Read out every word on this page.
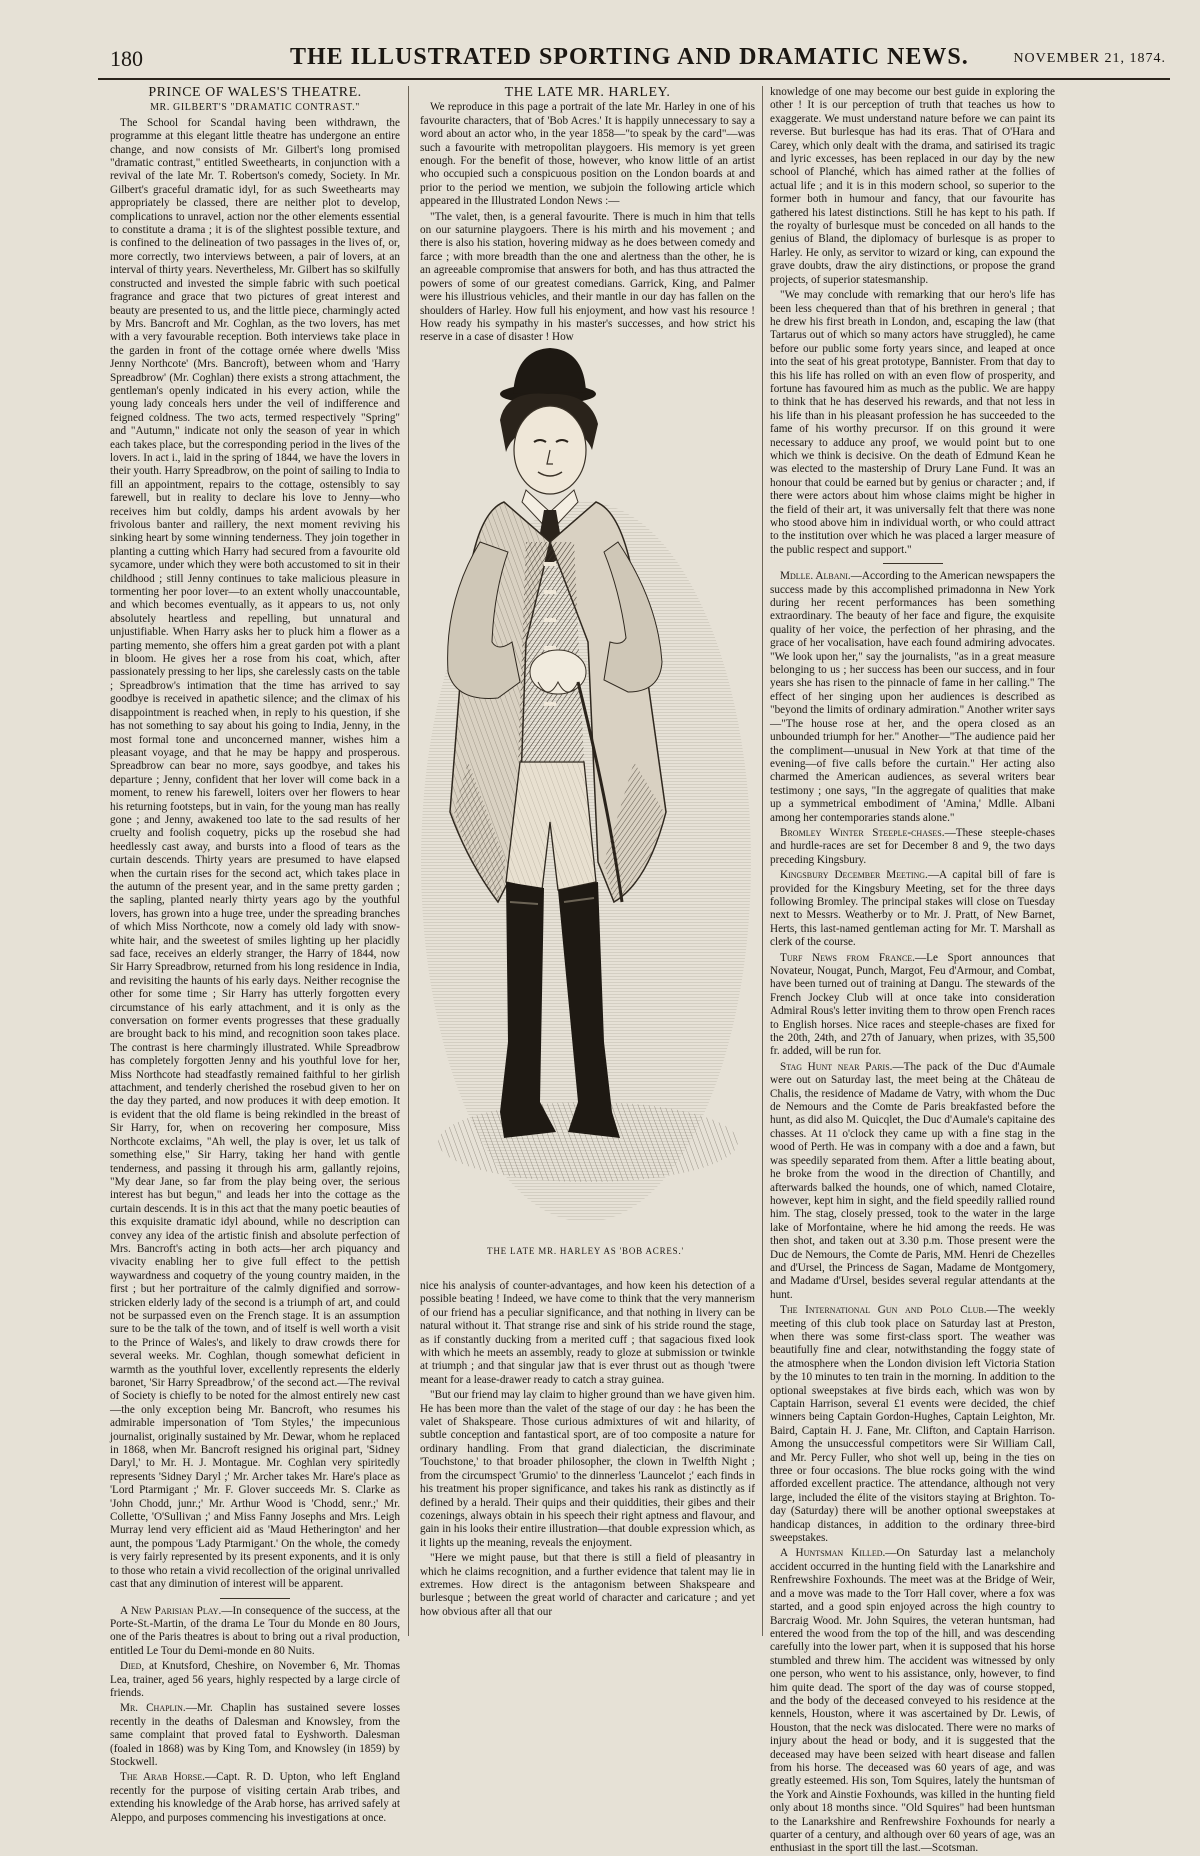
180	THE ILLUSTRATED SPORTING AND DRAMATIC NEWS.	NOVEMBER 21, 1874.

PRINCE OF WALES'S THEATRE.

MR. GILBERT'S "DRAMATIC CONTRAST."

The School for Scandal having been withdrawn, the programme at this elegant little theatre has undergone an entire change, and now consists of Mr. Gilbert's long promised "dramatic contrast," entitled Sweethearts, in conjunction with a revival of the late Mr. T. Robertson's comedy, Society. In Mr. Gilbert's graceful dramatic idyl, for as such Sweethearts may appropriately be classed, there are neither plot to develop, complications to unravel, action nor the other elements essential to constitute a drama ; it is of the slightest possible texture, and is confined to the delineation of two passages in the lives of, or, more correctly, two interviews between, a pair of lovers, at an interval of thirty years. Nevertheless, Mr. Gilbert has so skilfully constructed and invested the simple fabric with such poetical fragrance and grace that two pictures of great interest and beauty are presented to us, and the little piece, charmingly acted by Mrs. Bancroft and Mr. Coghlan, as the two lovers, has met with a very favourable reception. Both interviews take place in the garden in front of the cottage ornée where dwells 'Miss Jenny Northcote' (Mrs. Bancroft), between whom and 'Harry Spreadbrow' (Mr. Coghlan) there exists a strong attachment, the gentleman's openly indicated in his every action, while the young lady conceals hers under the veil of indifference and feigned coldness. The two acts, termed respectively "Spring" and "Autumn," indicate not only the season of year in which each takes place, but the corresponding period in the lives of the lovers. In act i., laid in the spring of 1844, we have the lovers in their youth. Harry Spreadbrow, on the point of sailing to India to fill an appointment, repairs to the cottage, ostensibly to say farewell, but in reality to declare his love to Jenny—who receives him but coldly, damps his ardent avowals by her frivolous banter and raillery, the next moment reviving his sinking heart by some winning tenderness. They join together in planting a cutting which Harry had secured from a favourite old sycamore, under which they were both accustomed to sit in their childhood ; still Jenny continues to take malicious pleasure in tormenting her poor lover—to an extent wholly unaccountable, and which becomes eventually, as it appears to us, not only absolutely heartless and repelling, but unnatural and unjustifiable. When Harry asks her to pluck him a flower as a parting memento, she offers him a great garden pot with a plant in bloom. He gives her a rose from his coat, which, after passionately pressing to her lips, she carelessly casts on the table ; Spreadbrow's intimation that the time has arrived to say goodbye is received in apathetic silence; and the climax of his disappointment is reached when, in reply to his question, if she has not something to say about his going to India, Jenny, in the most formal tone and unconcerned manner, wishes him a pleasant voyage, and that he may be happy and prosperous. Spreadbrow can bear no more, says goodbye, and takes his departure ; Jenny, confident that her lover will come back in a moment, to renew his farewell, loiters over her flowers to hear his returning footsteps, but in vain, for the young man has really gone ; and Jenny, awakened too late to the sad results of her cruelty and foolish coquetry, picks up the rosebud she had heedlessly cast away, and bursts into a flood of tears as the curtain descends. Thirty years are presumed to have elapsed when the curtain rises for the second act, which takes place in the autumn of the present year, and in the same pretty garden ; the sapling, planted nearly thirty years ago by the youthful lovers, has grown into a huge tree, under the spreading branches of which Miss Northcote, now a comely old lady with snow-white hair, and the sweetest of smiles lighting up her placidly sad face, receives an elderly stranger, the Harry of 1844, now Sir Harry Spreadbrow, returned from his long residence in India, and revisiting the haunts of his early days. Neither recognise the other for some time ; Sir Harry has utterly forgotten every circumstance of his early attachment, and it is only as the conversation on former events progresses that these gradually are brought back to his mind, and recognition soon takes place. The contrast is here charmingly illustrated. While Spreadbrow has completely forgotten Jenny and his youthful love for her, Miss Northcote had steadfastly remained faithful to her girlish attachment, and tenderly cherished the rosebud given to her on the day they parted, and now produces it with deep emotion. It is evident that the old flame is being rekindled in the breast of Sir Harry, for, when on recovering her composure, Miss Northcote exclaims, "Ah well, the play is over, let us talk of something else," Sir Harry, taking her hand with gentle tenderness, and passing it through his arm, gallantly rejoins, "My dear Jane, so far from the play being over, the serious interest has but begun," and leads her into the cottage as the curtain descends. It is in this act that the many poetic beauties of this exquisite dramatic idyl abound, while no description can convey any idea of the artistic finish and absolute perfection of Mrs. Bancroft's acting in both acts—her arch piquancy and vivacity enabling her to give full effect to the pettish waywardness and coquetry of the young country maiden, in the first ; but her portraiture of the calmly dignified and sorrow-stricken elderly lady of the second is a triumph of art, and could not be surpassed even on the French stage. It is an assumption sure to be the talk of the town, and of itself is well worth a visit to the Prince of Wales's, and likely to draw crowds there for several weeks. Mr. Coghlan, though somewhat deficient in warmth as the youthful lover, excellently represents the elderly baronet, 'Sir Harry Spreadbrow,' of the second act.—The revival of Society is chiefly to be noted for the almost entirely new cast—the only exception being Mr. Bancroft, who resumes his admirable impersonation of 'Tom Styles,' the impecunious journalist, originally sustained by Mr. Dewar, whom he replaced in 1868, when Mr. Bancroft resigned his original part, 'Sidney Daryl,' to Mr. H. J. Montague. Mr. Coghlan very spiritedly represents 'Sidney Daryl ;' Mr. Archer takes Mr. Hare's place as 'Lord Ptarmigant ;' Mr. F. Glover succeeds Mr. S. Clarke as 'John Chodd, junr.;' Mr. Arthur Wood is 'Chodd, senr.;' Mr. Collette, 'O'Sullivan ;' and Miss Fanny Josephs and Mrs. Leigh Murray lend very efficient aid as 'Maud Hetherington' and her aunt, the pompous 'Lady Ptarmigant.' On the whole, the comedy is very fairly represented by its present exponents, and it is only to those who retain a vivid recollection of the original unrivalled cast that any diminution of interest will be apparent.

A New Parisian Play.—In consequence of the success, at the Porte-St.-Martin, of the drama Le Tour du Monde en 80 Jours, one of the Paris theatres is about to bring out a rival production, entitled Le Tour du Demi-monde en 80 Nuits.

Died, at Knutsford, Cheshire, on November 6, Mr. Thomas Lea, trainer, aged 56 years, highly respected by a large circle of friends.

Mr. Chaplin.—Mr. Chaplin has sustained severe losses recently in the deaths of Dalesman and Knowsley, from the same complaint that proved fatal to Eyshworth. Dalesman (foaled in 1868) was by King Tom, and Knowsley (in 1859) by Stockwell.

The Arab Horse.—Capt. R. D. Upton, who left England recently for the purpose of visiting certain Arab tribes, and extending his knowledge of the Arab horse, has arrived safely at Aleppo, and purposes commencing his investigations at once.

THE LATE MR. HARLEY.

We reproduce in this page a portrait of the late Mr. Harley in one of his favourite characters, that of 'Bob Acres.' It is happily unnecessary to say a word about an actor who, in the year 1858—"to speak by the card"—was such a favourite with metropolitan playgoers. His memory is yet green enough. For the benefit of those, however, who know little of an artist who occupied such a conspicuous position on the London boards at and prior to the period we mention, we subjoin the following article which appeared in the Illustrated London News :—

"The valet, then, is a general favourite. There is much in him that tells on our saturnine playgoers. There is his mirth and his movement ; and there is also his station, hovering midway as he does between comedy and farce ; with more breadth than the one and alertness than the other, he is an agreeable compromise that answers for both, and has thus attracted the powers of some of our greatest comedians. Garrick, King, and Palmer were his illustrious vehicles, and their mantle in our day has fallen on the shoulders of Harley. How full his enjoyment, and how vast his resource ! How ready his sympathy in his master's successes, and how strict his reserve in a case of disaster ! How

THE LATE MR. HARLEY AS 'BOB ACRES.'

nice his analysis of counter-advantages, and how keen his detection of a possible beating ! Indeed, we have come to think that the very mannerism of our friend has a peculiar significance, and that nothing in livery can be natural without it. That strange rise and sink of his stride round the stage, as if constantly ducking from a merited cuff ; that sagacious fixed look with which he meets an assembly, ready to gloze at submission or twinkle at triumph ; and that singular jaw that is ever thrust out as though 'twere meant for a lease-drawer ready to catch a stray guinea.

"But our friend may lay claim to higher ground than we have given him. He has been more than the valet of the stage of our day : he has been the valet of Shakspeare. Those curious admixtures of wit and hilarity, of subtle conception and fantastical sport, are of too composite a nature for ordinary handling. From that grand dialectician, the discriminate 'Touchstone,' to that broader philosopher, the clown in Twelfth Night ; from the circumspect 'Grumio' to the dinnerless 'Launcelot ;' each finds in his treatment his proper significance, and takes his rank as distinctly as if defined by a herald. Their quips and their quiddities, their gibes and their cozenings, always obtain in his speech their right aptness and flavour, and gain in his looks their entire illustration—that double expression which, as it lights up the meaning, reveals the enjoyment.

"Here we might pause, but that there is still a field of pleasantry in which he claims recognition, and a further evidence that talent may lie in extremes. How direct is the antagonism between Shakspeare and burlesque ; between the great world of character and caricature ; and yet how obvious after all that our

knowledge of one may become our best guide in exploring the other ! It is our perception of truth that teaches us how to exaggerate. We must understand nature before we can paint its reverse. But burlesque has had its eras. That of O'Hara and Carey, which only dealt with the drama, and satirised its tragic and lyric excesses, has been replaced in our day by the new school of Planché, which has aimed rather at the follies of actual life ; and it is in this modern school, so superior to the former both in humour and fancy, that our favourite has gathered his latest distinctions. Still he has kept to his path. If the royalty of burlesque must be conceded on all hands to the genius of Bland, the diplomacy of burlesque is as proper to Harley. He only, as servitor to wizard or king, can expound the grave doubts, draw the airy distinctions, or propose the grand projects, of superior statesmanship.

"We may conclude with remarking that our hero's life has been less chequered than that of his brethren in general ; that he drew his first breath in London, and, escaping the law (that Tartarus out of which so many actors have struggled), he came before our public some forty years since, and leaped at once into the seat of his great prototype, Bannister. From that day to this his life has rolled on with an even flow of prosperity, and fortune has favoured him as much as the public. We are happy to think that he has deserved his rewards, and that not less in his life than in his pleasant profession he has succeeded to the fame of his worthy precursor. If on this ground it were necessary to adduce any proof, we would point but to one which we think is decisive. On the death of Edmund Kean he was elected to the mastership of Drury Lane Fund. It was an honour that could be earned but by genius or character ; and, if there were actors about him whose claims might be higher in the field of their art, it was universally felt that there was none who stood above him in individual worth, or who could attract to the institution over which he was placed a larger measure of the public respect and support."

Mdlle. Albani.—According to the American newspapers the success made by this accomplished primadonna in New York during her recent performances has been something extraordinary. The beauty of her face and figure, the exquisite quality of her voice, the perfection of her phrasing, and the grace of her vocalisation, have each found admiring advocates. "We look upon her," say the journalists, "as in a great measure belonging to us ; her success has been our success, and in four years she has risen to the pinnacle of fame in her calling." The effect of her singing upon her audiences is described as "beyond the limits of ordinary admiration." Another writer says—"The house rose at her, and the opera closed as an unbounded triumph for her." Another—"The audience paid her the compliment—unusual in New York at that time of the evening—of five calls before the curtain." Her acting also charmed the American audiences, as several writers bear testimony ; one says, "In the aggregate of qualities that make up a symmetrical embodiment of 'Amina,' Mdlle. Albani among her contemporaries stands alone."

Bromley Winter Steeple-chases.—These steeple-chases and hurdle-races are set for December 8 and 9, the two days preceding Kingsbury.

Kingsbury December Meeting.—A capital bill of fare is provided for the Kingsbury Meeting, set for the three days following Bromley. The principal stakes will close on Tuesday next to Messrs. Weatherby or to Mr. J. Pratt, of New Barnet, Herts, this last-named gentleman acting for Mr. T. Marshall as clerk of the course.

Turf News from France.—Le Sport announces that Novateur, Nougat, Punch, Margot, Feu d'Armour, and Combat, have been turned out of training at Dangu. The stewards of the French Jockey Club will at once take into consideration Admiral Rous's letter inviting them to throw open French races to English horses. Nice races and steeple-chases are fixed for the 20th, 24th, and 27th of January, when prizes, with 35,500 fr. added, will be run for.

Stag Hunt near Paris.—The pack of the Duc d'Aumale were out on Saturday last, the meet being at the Château de Chalis, the residence of Madame de Vatry, with whom the Duc de Nemours and the Comte de Paris breakfasted before the hunt, as did also M. Quicqlet, the Duc d'Aumale's capitaine des chasses. At 11 o'clock they came up with a fine stag in the wood of Perth. He was in company with a doe and a fawn, but was speedily separated from them. After a little beating about, he broke from the wood in the direction of Chantilly, and afterwards balked the hounds, one of which, named Clotaire, however, kept him in sight, and the field speedily rallied round him. The stag, closely pressed, took to the water in the large lake of Morfontaine, where he hid among the reeds. He was then shot, and taken out at 3.30 p.m. Those present were the Duc de Nemours, the Comte de Paris, MM. Henri de Chezelles and d'Ursel, the Princess de Sagan, Madame de Montgomery, and Madame d'Ursel, besides several regular attendants at the hunt.

The International Gun and Polo Club.—The weekly meeting of this club took place on Saturday last at Preston, when there was some first-class sport. The weather was beautifully fine and clear, notwithstanding the foggy state of the atmosphere when the London division left Victoria Station by the 10 minutes to ten train in the morning. In addition to the optional sweepstakes at five birds each, which was won by Captain Harrison, several £1 events were decided, the chief winners being Captain Gordon-Hughes, Captain Leighton, Mr. Baird, Captain H. J. Fane, Mr. Clifton, and Captain Harrison. Among the unsuccessful competitors were Sir William Call, and Mr. Percy Fuller, who shot well up, being in the ties on three or four occasions. The blue rocks going with the wind afforded excellent practice. The attendance, although not very large, included the élite of the visitors staying at Brighton. To-day (Saturday) there will be another optional sweepstakes at handicap distances, in addition to the ordinary three-bird sweepstakes.

A Huntsman Killed.—On Saturday last a melancholy accident occurred in the hunting field with the Lanarkshire and Renfrewshire Foxhounds. The meet was at the Bridge of Weir, and a move was made to the Torr Hall cover, where a fox was started, and a good spin enjoyed across the high country to Barcraig Wood. Mr. John Squires, the veteran huntsman, had entered the wood from the top of the hill, and was descending carefully into the lower part, when it is supposed that his horse stumbled and threw him. The accident was witnessed by only one person, who went to his assistance, only, however, to find him quite dead. The sport of the day was of course stopped, and the body of the deceased conveyed to his residence at the kennels, Houston, where it was ascertained by Dr. Lewis, of Houston, that the neck was dislocated. There were no marks of injury about the head or body, and it is suggested that the deceased may have been seized with heart disease and fallen from his horse. The deceased was 60 years of age, and was greatly esteemed. His son, Tom Squires, lately the huntsman of the York and Ainstie Foxhounds, was killed in the hunting field only about 18 months since. "Old Squires" had been huntsman to the Lanarkshire and Renfrewshire Foxhounds for nearly a quarter of a century, and although over 60 years of age, was an enthusiast in the sport till the last.—Scotsman.
